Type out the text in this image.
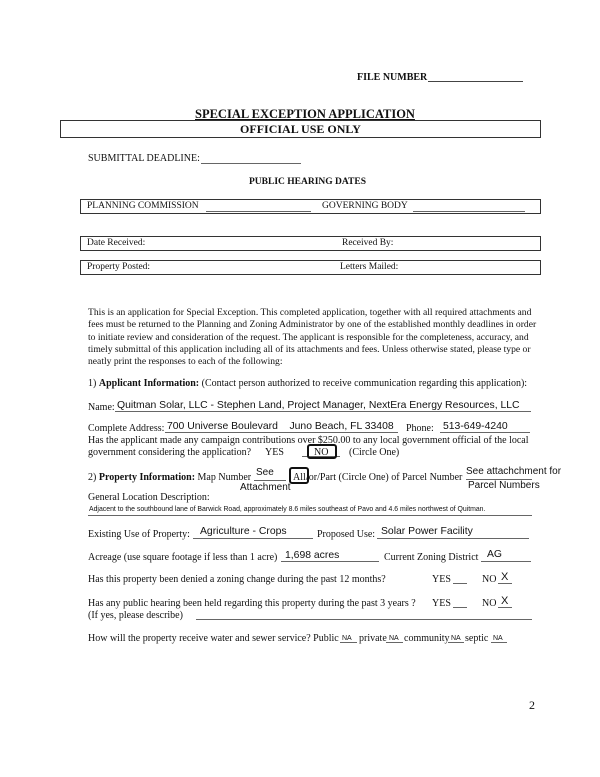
FILE NUMBER
SPECIAL EXCEPTION APPLICATION
OFFICIAL USE ONLY
SUBMITTAL DEADLINE:
PUBLIC HEARING DATES
PLANNING COMMISSION	GOVERNING BODY
Date Received:	Received By:
Property Posted:	Letters Mailed:
This is an application for Special Exception. This completed application, together with all required attachments and fees must be returned to the Planning and Zoning Administrator by one of the established monthly deadlines in order to initiate review and consideration of the request. The applicant is responsible for the completeness, accuracy, and timely submittal of this application including all of its attachments and fees. Unless otherwise stated, please type or neatly print the responses to each of the following:
1) Applicant Information: (Contact person authorized to receive communication regarding this application):
Name: Quitman Solar, LLC - Stephen Land, Project Manager, NextEra Energy Resources, LLC
Complete Address: 700 Universe Boulevard    Juno Beach, FL 33408 Phone: 513-649-4240
Has the applicant made any campaign contributions over $250.00 to any local government official of the local
government considering the application? YES	NO (Circle One)
2) Property Information: Map Number See
Attachment
All /or/Part (Circle One) of Parcel Number
See attachchment for
Parcel Numbers
General Location Description:
Adjacent to the southbound lane of Barwick Road, approximately 8.6 miles southeast of Pavo and 4.6 miles northwest of Quitman.
Existing Use of Property: Agriculture - Crops	Proposed Use: Solar Power Facility
Acreage (use square footage if less than 1 acre) 1,698 acres	Current Zoning District AG
Has this property been denied a zoning change during the past 12 months?	YES	NO X
Has any public hearing been held regarding this property during the past 3 years ? YES	NO X
(If yes, please describe)
How will the property receive water and sewer service? Public NA private NA community NA septic NA
2
